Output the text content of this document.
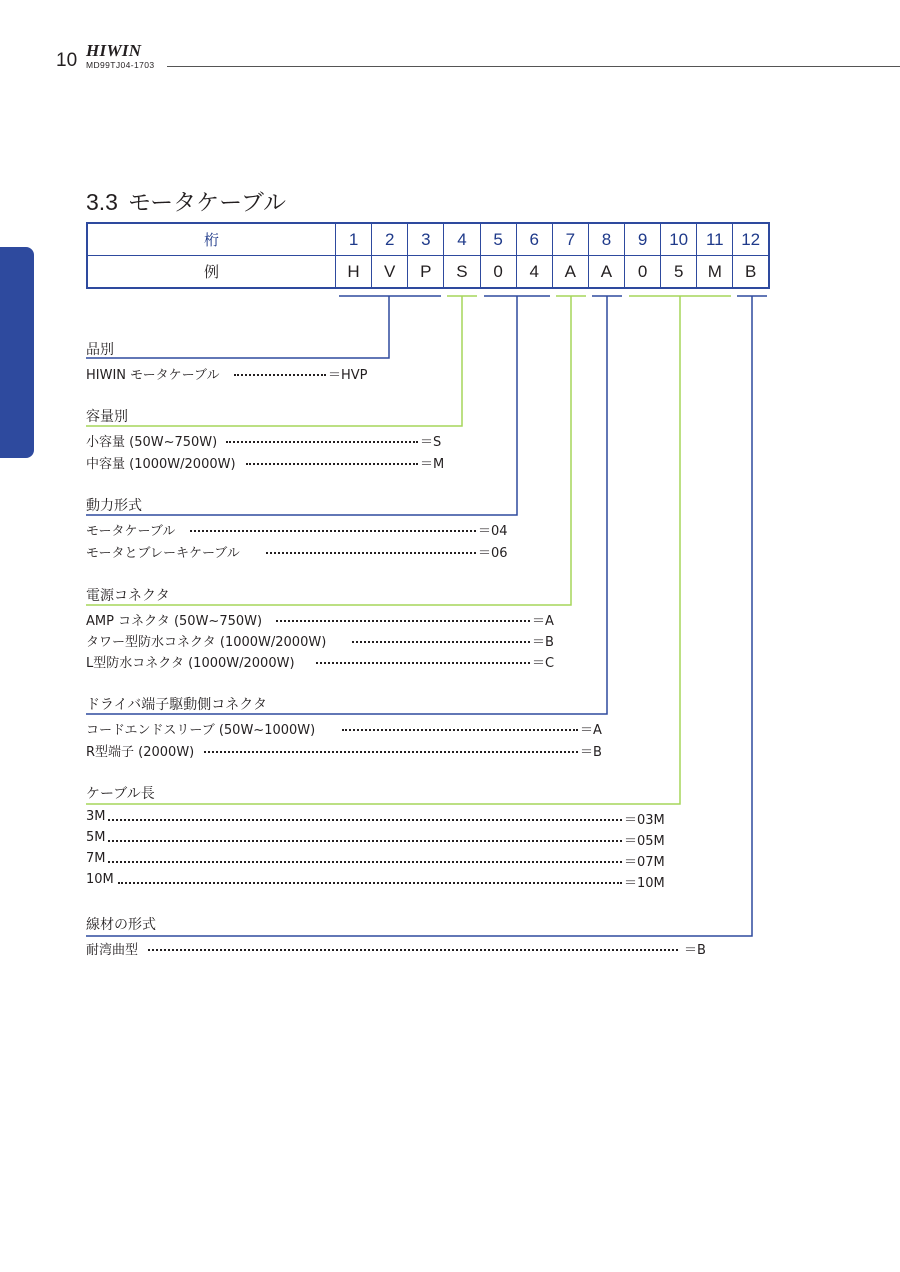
10 HIWIN
MD99TJ04-1703
3.3 モータケーブル
桁	1	2	3	4	5	6	7	8	9	10	11	12
例	H	V	P	S	0	4	A	A	0	5	M	B
品別
HIWIN モータケーブル	＝HVP
容量別
小容量 (50W~750W)	＝S
中容量 (1000W/2000W)	＝M
動力形式
モータケーブル	＝04
モータとブレーキケーブル	＝06
電源コネクタ
AMP コネクタ (50W~750W)	＝A
タワー型防水コネクタ (1000W/2000W)	＝B
L型防水コネクタ (1000W/2000W)	＝C
ドライバ端子駆動側コネクタ
コードエンドスリーブ (50W~1000W)	＝A
R型端子 (2000W)	＝B
ケーブル長
3M	＝03M
5M	＝05M
7M	＝07M
10M	＝10M
線材の形式
耐湾曲型	＝B
